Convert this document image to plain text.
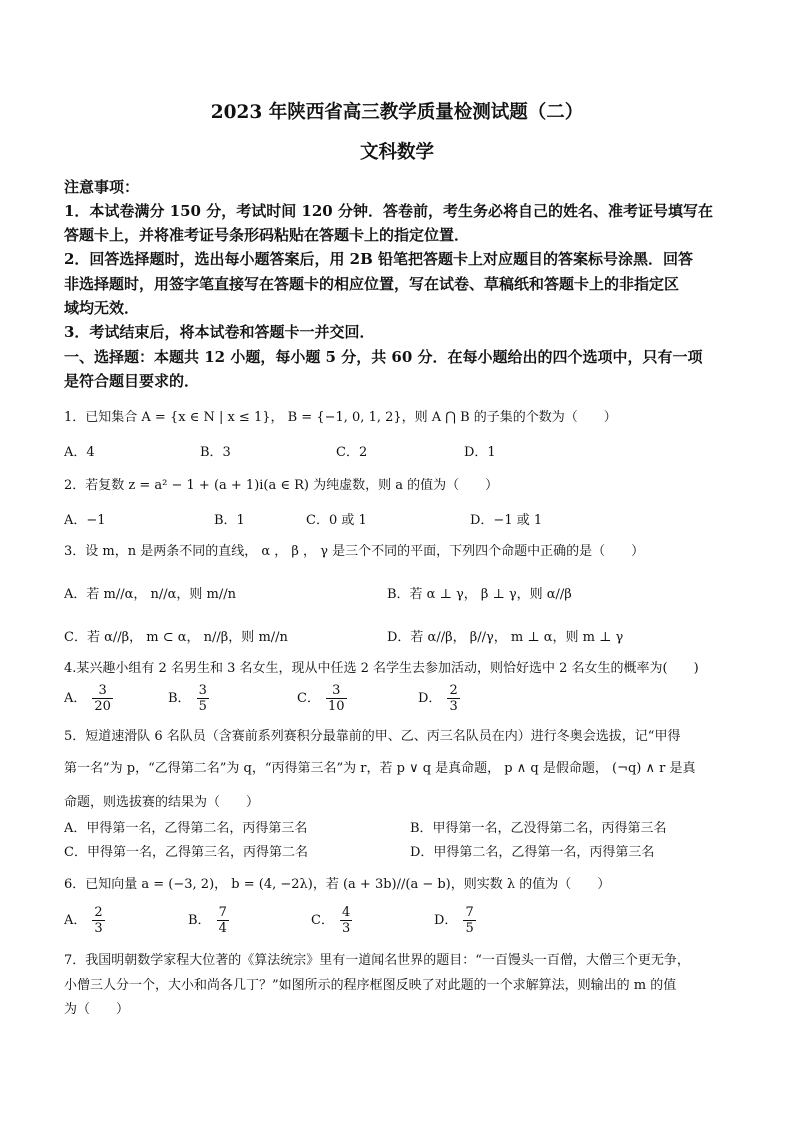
2023 年陕西省高三教学质量检测试题（二）
文科数学
注意事项：
1．本试卷满分 150 分，考试时间 120 分钟．答卷前，考生务必将自己的姓名、准考证号填写在
答题卡上，并将准考证号条形码粘贴在答题卡上的指定位置．
2．回答选择题时，选出每小题答案后，用 2B 铅笔把答题卡上对应题目的答案标号涂黑．回答
非选择题时，用签字笔直接写在答题卡的相应位置，写在试卷、草稿纸和答题卡上的非指定区
域均无效．
3．考试结束后，将本试卷和答题卡一并交回．
一、选择题：本题共 12 小题，每小题 5 分，共 60 分．在每小题给出的四个选项中，只有一项
是符合题目要求的．
1．已知集合 A = {x ∈ N | x ≤ 1}， B = {−1, 0, 1, 2}，则 A ⋂ B 的子集的个数为（　　）
A．4	B．3	C．2	D．1
2．若复数 z = a² − 1 + (a + 1)i(a ∈ R) 为纯虚数，则 a 的值为（　　）
A．−1	B．1	C．0 或 1	D．−1 或 1
3．设 m，n 是两条不同的直线， α ， β ， γ 是三个不同的平面，下列四个命题中正确的是（　　）
A．若 m//α， n//α，则 m//n	B．若 α ⊥ γ， β ⊥ γ，则 α//β
C．若 α//β， m ⊂ α， n//β，则 m//n	D．若 α//β， β//γ， m ⊥ α，则 m ⊥ γ
4.某兴趣小组有 2 名男生和 3 名女生，现从中任选 2 名学生去参加活动，则恰好选中 2 名女生的概率为(　　)
A． $\frac{3}{20}$	B． $\frac{3}{5}$	C． $\frac{3}{10}$	D． $\frac{2}{3}$
5．短道速滑队 6 名队员（含赛前系列赛积分最靠前的甲、乙、丙三名队员在内）进行冬奥会选拔，记“甲得
第一名”为 p，“乙得第二名”为 q，“丙得第三名”为 r，若 p ∨ q 是真命题， p ∧ q 是假命题， (¬q) ∧ r 是真
命题，则选拔赛的结果为（　　）
A．甲得第一名，乙得第二名，丙得第三名	B．甲得第一名，乙没得第二名，丙得第三名
C．甲得第一名，乙得第三名，丙得第二名	D．甲得第二名，乙得第一名，丙得第三名
6．已知向量 a = (−3, 2)， b = (4, −2λ)，若 (a + 3b)//(a − b)，则实数 λ 的值为（　　）
A． $\frac{2}{3}$	B． $\frac{7}{4}$	C． $\frac{4}{3}$	D． $\frac{7}{5}$
7．我国明朝数学家程大位著的《算法统宗》里有一道闻名世界的题目：“一百馒头一百僧，大僧三个更无争，
小僧三人分一个，大小和尚各几丁？”如图所示的程序框图反映了对此题的一个求解算法，则输出的 m 的值
为（　　）
